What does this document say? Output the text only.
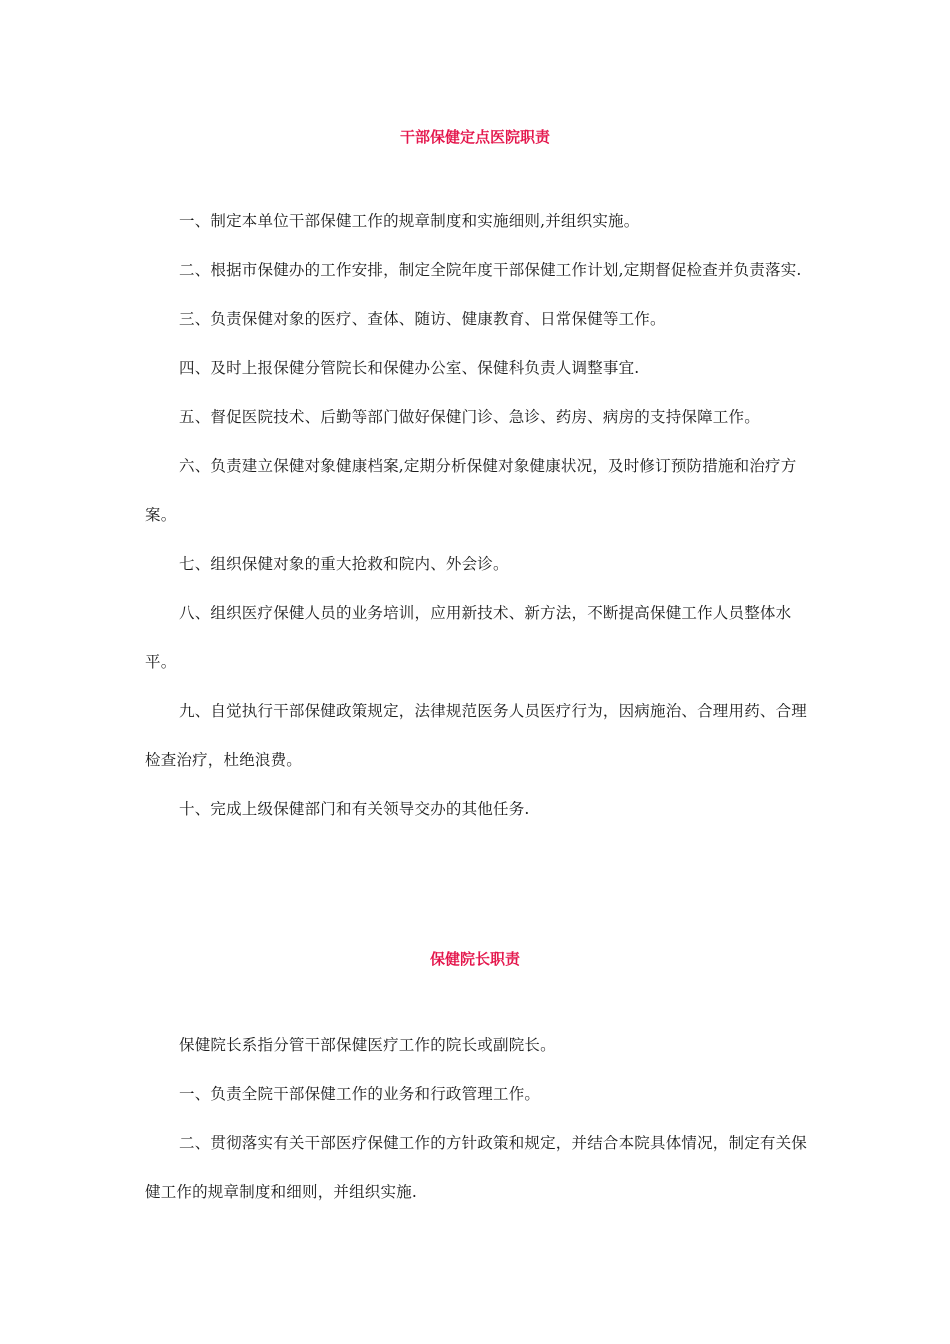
干部保健定点医院职责

一、制定本单位干部保健工作的规章制度和实施细则,并组织实施。

二、根据市保健办的工作安排，制定全院年度干部保健工作计划,定期督促检查并负责落实.

三、负责保健对象的医疗、查体、随访、健康教育、日常保健等工作。

四、及时上报保健分管院长和保健办公室、保健科负责人调整事宜.

五、督促医院技术、后勤等部门做好保健门诊、急诊、药房、病房的支持保障工作。

六、负责建立保健对象健康档案,定期分析保健对象健康状况，及时修订预防措施和治疗方案。

七、组织保健对象的重大抢救和院内、外会诊。

八、组织医疗保健人员的业务培训，应用新技术、新方法，不断提高保健工作人员整体水平。

九、自觉执行干部保健政策规定，法律规范医务人员医疗行为，因病施治、合理用药、合理检查治疗，杜绝浪费。

十、完成上级保健部门和有关领导交办的其他任务.

保健院长职责

保健院长系指分管干部保健医疗工作的院长或副院长。

一、负责全院干部保健工作的业务和行政管理工作。

二、贯彻落实有关干部医疗保健工作的方针政策和规定，并结合本院具体情况，制定有关保健工作的规章制度和细则，并组织实施.
